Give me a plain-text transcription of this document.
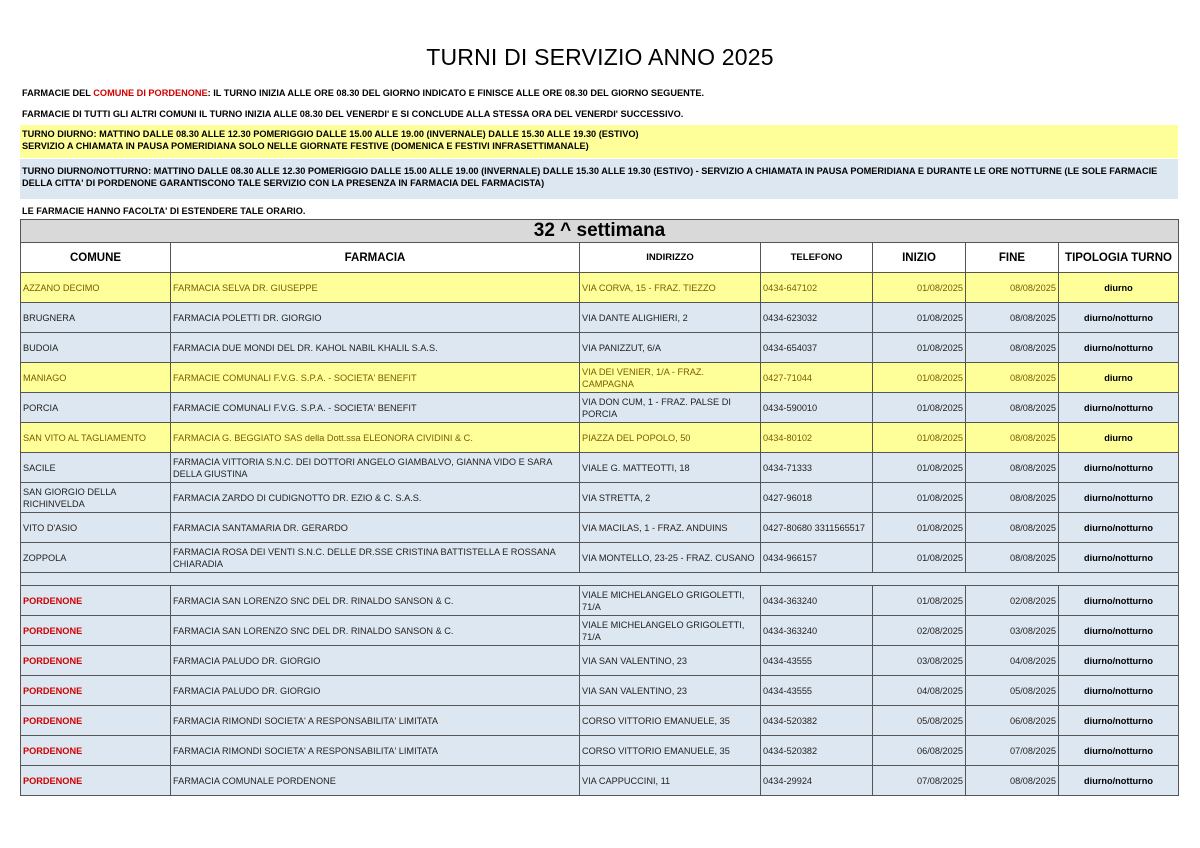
TURNI DI SERVIZIO ANNO 2025
FARMACIE DEL COMUNE DI PORDENONE: IL TURNO INIZIA ALLE ORE 08.30 DEL GIORNO INDICATO E FINISCE ALLE ORE 08.30 DEL GIORNO SEGUENTE.
FARMACIE DI TUTTI GLI ALTRI COMUNI IL TURNO INIZIA ALLE 08.30 DEL VENERDI' E SI CONCLUDE ALLA STESSA ORA DEL VENERDI' SUCCESSIVO.
TURNO DIURNO: MATTINO DALLE 08.30 ALLE 12.30 POMERIGGIO DALLE 15.00 ALLE 19.00 (INVERNALE) DALLE 15.30 ALLE 19.30 (ESTIVO)
SERVIZIO A CHIAMATA IN PAUSA POMERIDIANA SOLO NELLE GIORNATE FESTIVE (DOMENICA E FESTIVI INFRASETTIMANALE)
TURNO DIURNO/NOTTURNO: MATTINO DALLE 08.30 ALLE 12.30 POMERIGGIO DALLE 15.00 ALLE 19.00 (INVERNALE) DALLE 15.30 ALLE 19.30 (ESTIVO) - SERVIZIO A CHIAMATA IN PAUSA POMERIDIANA E DURANTE LE ORE NOTTURNE (LE SOLE FARMACIE DELLA CITTA' DI PORDENONE GARANTISCONO TALE SERVIZIO CON LA PRESENZA IN FARMACIA DEL FARMACISTA)
LE FARMACIE HANNO FACOLTA' DI ESTENDERE TALE ORARIO.
32 ^ settimana						
COMUNE	FARMACIA	INDIRIZZO	TELEFONO	INIZIO	FINE	TIPOLOGIA TURNO
AZZANO DECIMO	FARMACIA SELVA DR. GIUSEPPE	VIA CORVA, 15 - FRAZ. TIEZZO	0434-647102	01/08/2025	08/08/2025	diurno
BRUGNERA	FARMACIA POLETTI DR. GIORGIO	VIA DANTE ALIGHIERI, 2	0434-623032	01/08/2025	08/08/2025	diurno/notturno
BUDOIA	FARMACIA DUE MONDI DEL DR. KAHOL NABIL KHALIL S.A.S.	VIA PANIZZUT, 6/A	0434-654037	01/08/2025	08/08/2025	diurno/notturno
MANIAGO	FARMACIE COMUNALI F.V.G. S.P.A. - SOCIETA' BENEFIT	VIA DEI VENIER, 1/A - FRAZ. CAMPAGNA	0427-71044	01/08/2025	08/08/2025	diurno
PORCIA	FARMACIE COMUNALI F.V.G. S.P.A. - SOCIETA' BENEFIT	VIA DON CUM, 1 - FRAZ. PALSE DI PORCIA	0434-590010	01/08/2025	08/08/2025	diurno/notturno
SAN VITO AL TAGLIAMENTO	FARMACIA G. BEGGIATO SAS della Dott.ssa ELEONORA CIVIDINI & C.	PIAZZA DEL POPOLO, 50	0434-80102	01/08/2025	08/08/2025	diurno
SACILE	FARMACIA VITTORIA S.N.C. DEI DOTTORI ANGELO GIAMBALVO, GIANNA VIDO E SARA DELLA GIUSTINA	VIALE G. MATTEOTTI, 18	0434-71333	01/08/2025	08/08/2025	diurno/notturno
SAN GIORGIO DELLA RICHINVELDA	FARMACIA ZARDO DI CUDIGNOTTO DR. EZIO & C. S.A.S.	VIA STRETTA, 2	0427-96018	01/08/2025	08/08/2025	diurno/notturno
VITO D'ASIO	FARMACIA SANTAMARIA DR. GERARDO	VIA MACILAS, 1 - FRAZ. ANDUINS	0427-80680 3311565517	01/08/2025	08/08/2025	diurno/notturno
ZOPPOLA	FARMACIA ROSA DEI VENTI S.N.C. DELLE DR.SSE CRISTINA BATTISTELLA E ROSSANA CHIARADIA	VIA MONTELLO, 23-25 - FRAZ. CUSANO	0434-966157	01/08/2025	08/08/2025	diurno/notturno

PORDENONE	FARMACIA SAN LORENZO SNC DEL DR. RINALDO SANSON & C.	VIALE MICHELANGELO GRIGOLETTI, 71/A	0434-363240	01/08/2025	02/08/2025	diurno/notturno
PORDENONE	FARMACIA SAN LORENZO SNC DEL DR. RINALDO SANSON & C.	VIALE MICHELANGELO GRIGOLETTI, 71/A	0434-363240	02/08/2025	03/08/2025	diurno/notturno
PORDENONE	FARMACIA PALUDO DR. GIORGIO	VIA SAN VALENTINO, 23	0434-43555	03/08/2025	04/08/2025	diurno/notturno
PORDENONE	FARMACIA PALUDO DR. GIORGIO	VIA SAN VALENTINO, 23	0434-43555	04/08/2025	05/08/2025	diurno/notturno
PORDENONE	FARMACIA RIMONDI SOCIETA' A RESPONSABILITA' LIMITATA	CORSO VITTORIO EMANUELE, 35	0434-520382	05/08/2025	06/08/2025	diurno/notturno
PORDENONE	FARMACIA RIMONDI SOCIETA' A RESPONSABILITA' LIMITATA	CORSO VITTORIO EMANUELE, 35	0434-520382	06/08/2025	07/08/2025	diurno/notturno
PORDENONE	FARMACIA COMUNALE PORDENONE	VIA CAPPUCCINI, 11	0434-29924	07/08/2025	08/08/2025	diurno/notturno
